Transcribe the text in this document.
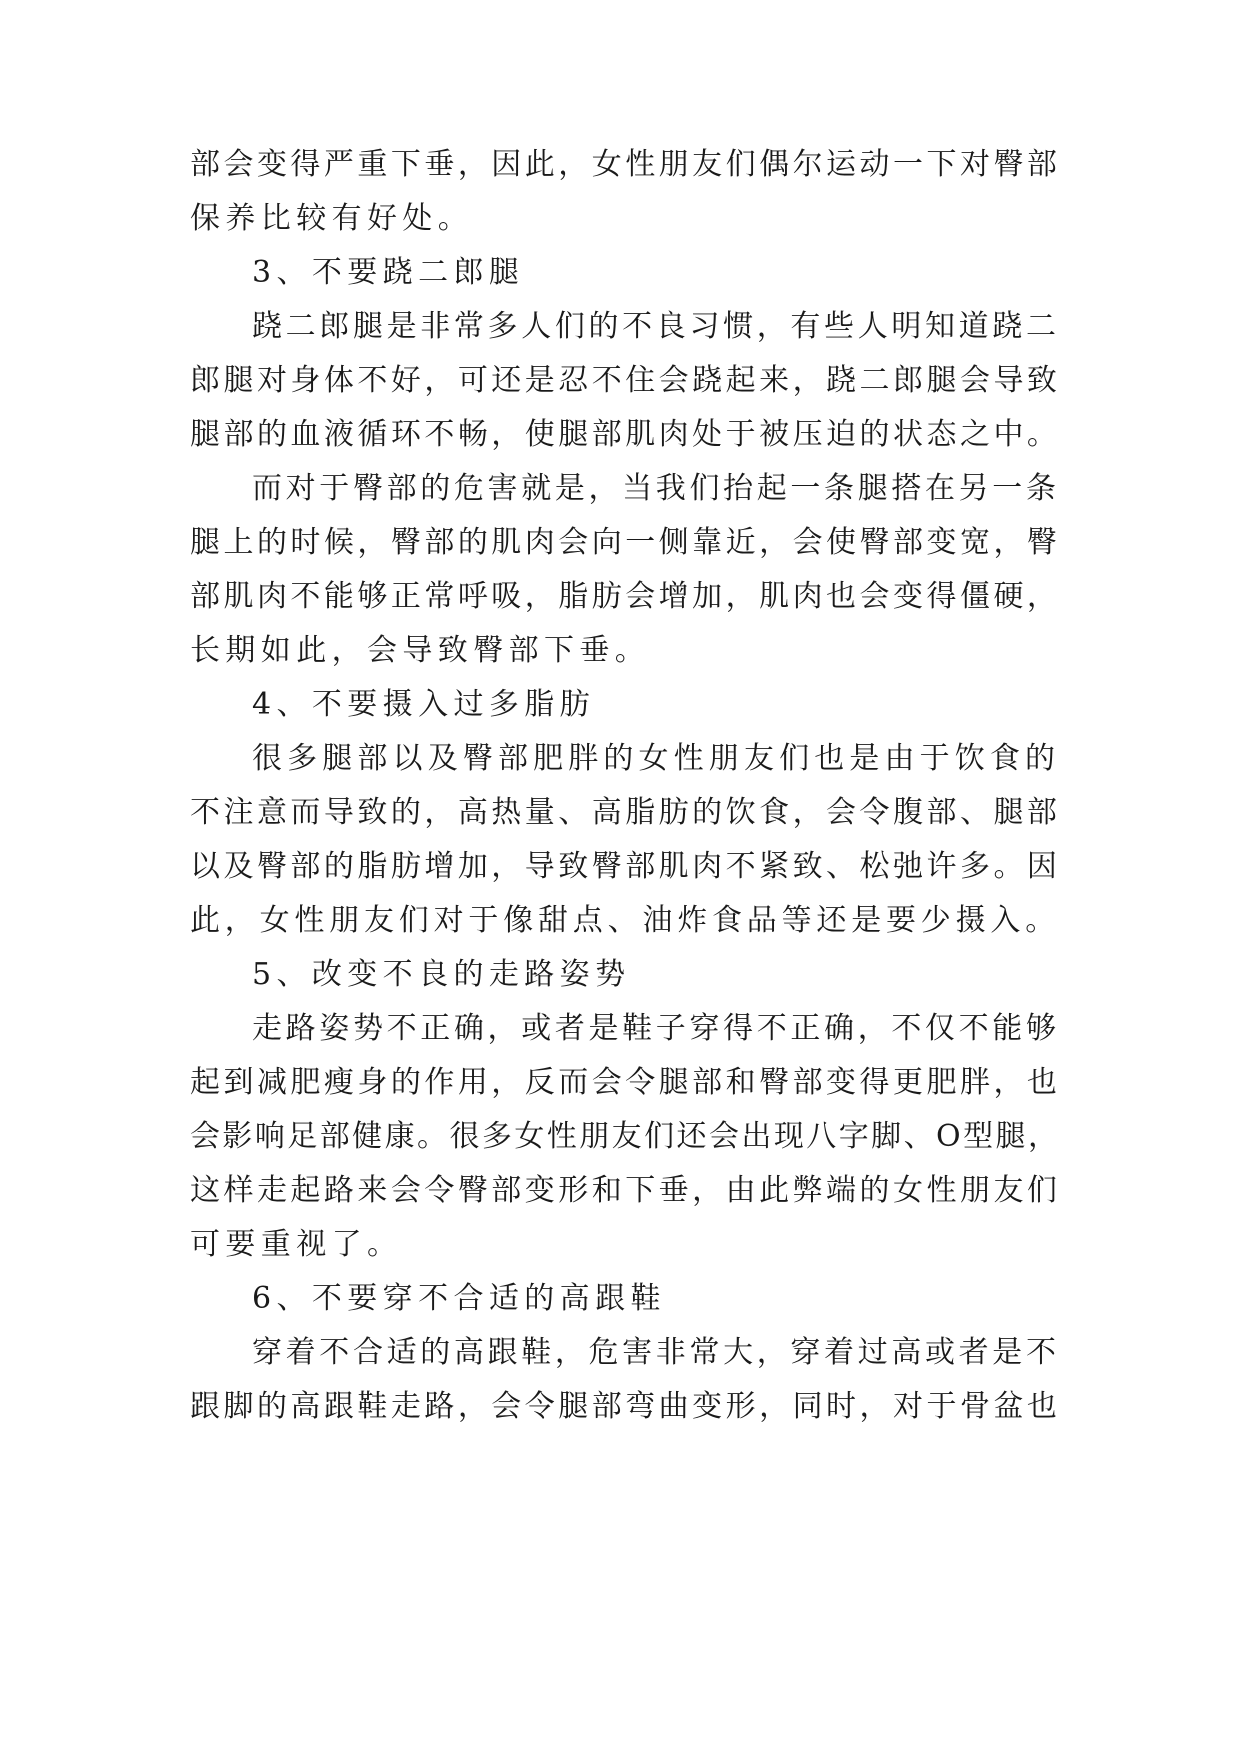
部会变得严重下垂，因此，女性朋友们偶尔运动一下对臀部
保养比较有好处。
3、不要跷二郎腿
跷二郎腿是非常多人们的不良习惯，有些人明知道跷二
郎腿对身体不好，可还是忍不住会跷起来，跷二郎腿会导致
腿部的血液循环不畅，使腿部肌肉处于被压迫的状态之中。
而对于臀部的危害就是，当我们抬起一条腿搭在另一条
腿上的时候，臀部的肌肉会向一侧靠近，会使臀部变宽，臀
部肌肉不能够正常呼吸，脂肪会增加，肌肉也会变得僵硬，
长期如此，会导致臀部下垂。
4、不要摄入过多脂肪
很多腿部以及臀部肥胖的女性朋友们也是由于饮食的
不注意而导致的，高热量、高脂肪的饮食，会令腹部、腿部
以及臀部的脂肪增加，导致臀部肌肉不紧致、松弛许多。因
此，女性朋友们对于像甜点、油炸食品等还是要少摄入。
5、改变不良的走路姿势
走路姿势不正确，或者是鞋子穿得不正确，不仅不能够
起到减肥瘦身的作用，反而会令腿部和臀部变得更肥胖，也
会影响足部健康。很多女性朋友们还会出现八字脚、O型腿，
这样走起路来会令臀部变形和下垂，由此弊端的女性朋友们
可要重视了。
6、不要穿不合适的高跟鞋
穿着不合适的高跟鞋，危害非常大，穿着过高或者是不
跟脚的高跟鞋走路，会令腿部弯曲变形，同时，对于骨盆也
